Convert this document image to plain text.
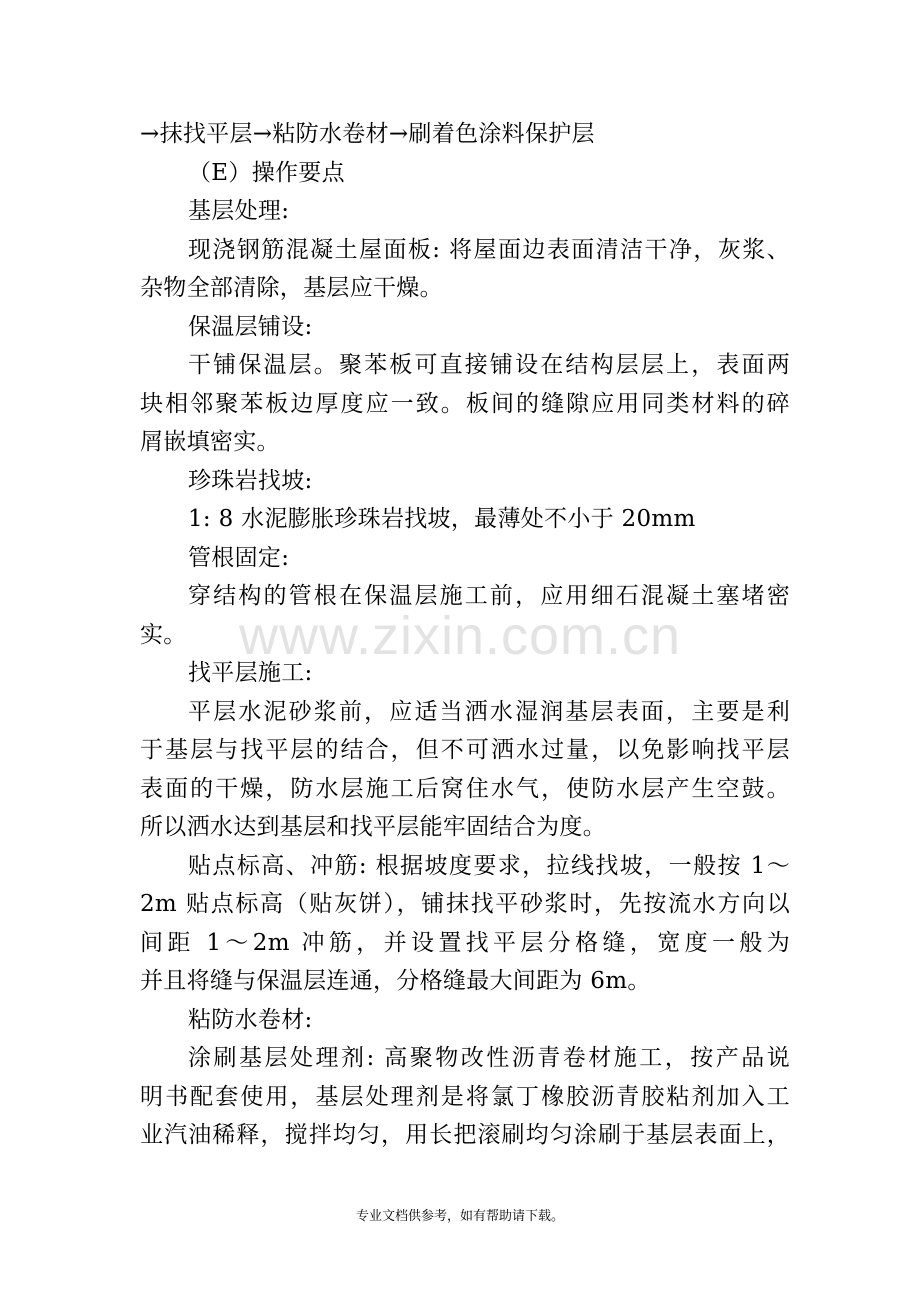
www.zixin.com.cn
→抹找平层→粘防水卷材→刷着色涂料保护层
（E）操作要点
基层处理:
现浇钢筋混凝土屋面板: 将屋面边表面清洁干净，灰浆、
杂物全部清除，基层应干燥。
保温层铺设:
干铺保温层。聚苯板可直接铺设在结构层层上，表面两
块相邻聚苯板边厚度应一致。板间的缝隙应用同类材料的碎
屑嵌填密实。
珍珠岩找坡:
1: 8 水泥膨胀珍珠岩找坡，最薄处不小于 20mm
管根固定:
穿结构的管根在保温层施工前，应用细石混凝土塞堵密
实。
找平层施工:
平层水泥砂浆前，应适当洒水湿润基层表面，主要是利
于基层与找平层的结合，但不可洒水过量，以免影响找平层
表面的干燥，防水层施工后窝住水气，使防水层产生空鼓。
所以洒水达到基层和找平层能牢固结合为度。
贴点标高、冲筋: 根据坡度要求，拉线找坡，一般按 1～
2m 贴点标高（贴灰饼），铺抹找平砂浆时，先按流水方向以
间距 1～2m 冲筋，并设置找平层分格缝，宽度一般为
并且将缝与保温层连通，分格缝最大间距为 6m。
粘防水卷材:
涂刷基层处理剂: 高聚物改性沥青卷材施工，按产品说
明书配套使用，基层处理剂是将氯丁橡胶沥青胶粘剂加入工
业汽油稀释，搅拌均匀，用长把滚刷均匀涂刷于基层表面上，
专业文档供参考，如有帮助请下载。
